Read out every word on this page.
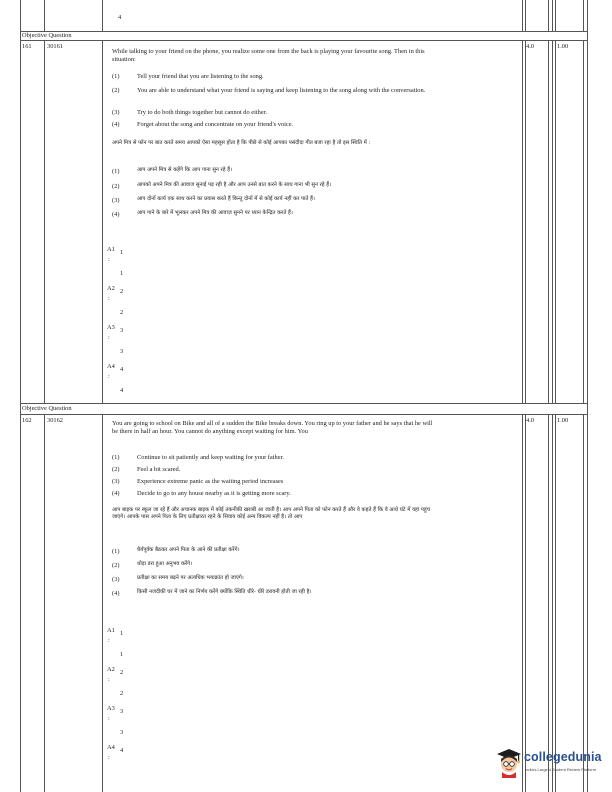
4
Objective Question
161 30161	4.0	1.00
While talking to your friend on the phone, you realize some one from the back is playing your favourite song. Then in this situation:
(1)	Tell your friend that you are listening to the song.
(2)	You are able to understand what your friend is saying and keep listening to the song along with the conversation.
(3)	Try to do both things together but cannot do either.
(4)	Forget about the song and concentrate on your friend's voice.
अपने मित्र से फोन पर बात करते समय आपको ऐसा महसूस होता है कि पीछे से कोई आपका पसंदीदा गीत बजा रहा है तो इस स्थिति में :
(1)	आप अपने मित्र से कहेंगे कि आप गाना सुन रहे हैं।
(2)	आपको अपने मित्र की आवाज सुनाई पड़ रही है और आप उनसे बात करने के साथ गाना भी सुन रहे हैं।
(3)	आप दोनों कार्य एक साथ करने का प्रयास करते हैं किन्तु दोनों में से कोई कार्य नहीं कर पाते हैं।
(4)	आप गाने के बारे में भूलकर अपने मित्र की आवाज़ सुनने पर ध्यान केन्द्रित करते हैं।
A1 1
:
1
A2 2
:
2
A3 3
:
3
A4 4
:
4
Objective Question
162 30162	4.0	1.00
You are going to school on Bike and all of a sudden the Bike breaks down. You ring up to your father and he says that he will be there in half an hour. You cannot do anything except waiting for him. You
(1)	Continue to sit patiently and keep waiting for your father.
(2)	Feel a bit scared.
(3)	Experience extreme panic as the waiting period increases
(4)	Decide to go to any house nearby as it is getting more scary.
आप बाइक पर स्कूल जा रहे हैं और अचानक बाइक में कोई तकनीकी खराबी आ जाती है। आप अपने पिता को फोन करते हैं और वे कहते हैं कि वे आधे घंटे में वहां पहुंच जाएंगे। आपके पास अपने पिता के लिए प्रतीक्षारत रहने के सिवाय कोई अन्य विकल्प नहीं है। तो आप
(1)	धैर्यपूर्वक बैठकर अपने पिता के आने की प्रतीक्षा करेंगे।
(2)	थोड़ा डरा हुआ अनुभव करेंगे।
(3)	प्रतीक्षा का समय बढ़ने पर अत्यधिक भयाक्रांत हो जाएंगे।
(4)	किसी नजदीकी घर में जाने का निर्णय करेंगे क्योंकि स्थिति धीरे- धीरे डरावनी होती जा रही है।
A1 1
:
1
A2 2
:
2
A3 3
:
3
A4 4
:	collegedunia
India's Largest Student Review Platform
